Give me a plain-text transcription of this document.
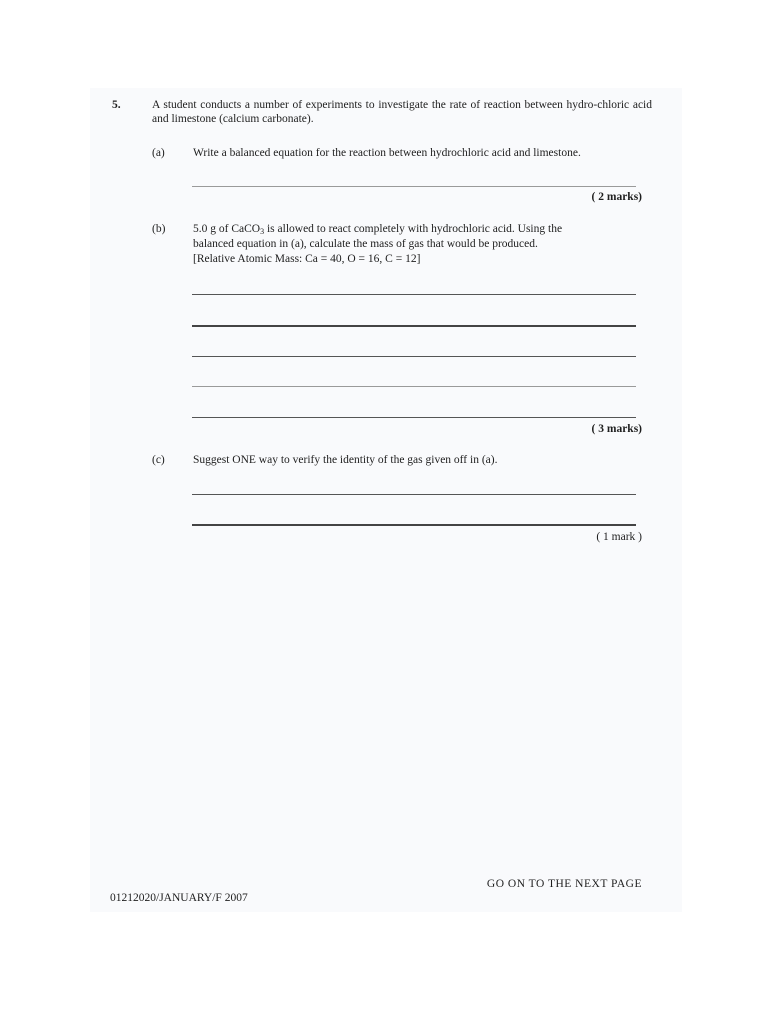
5.	A student conducts a number of experiments to investigate the rate of reaction between hydro-chloric acid and limestone (calcium carbonate).
(a) Write a balanced equation for the reaction between hydrochloric acid and limestone.
( 2 marks)
(b) 5.0 g of CaCO$_3$ is allowed to react completely with hydrochloric acid. Using the
balanced equation in (a), calculate the mass of gas that would be produced.
[Relative Atomic Mass: Ca = 40, O = 16, C = 12]
( 3 marks)
(c) Suggest ONE way to verify the identity of the gas given off in (a).
( 1 mark )
GO ON TO THE NEXT PAGE
01212020/JANUARY/F 2007
